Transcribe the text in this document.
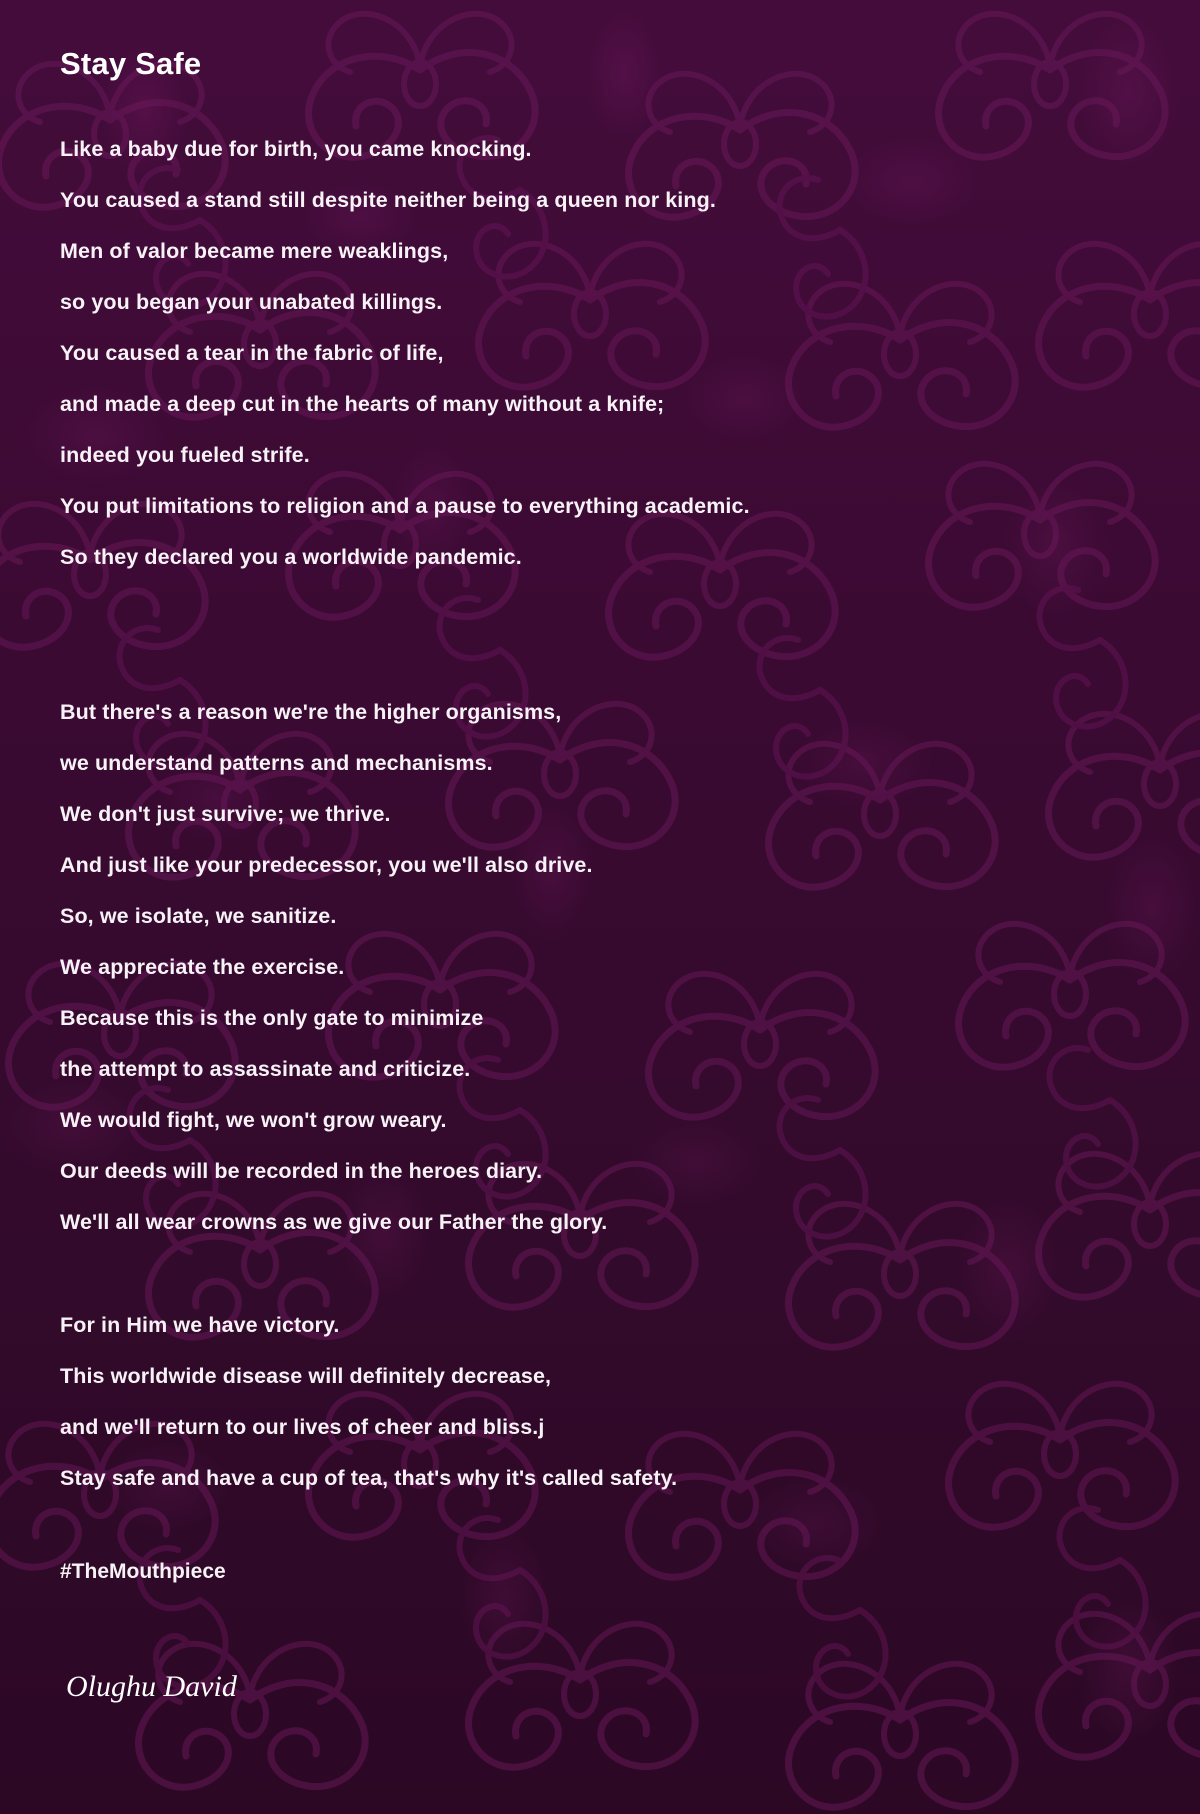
Stay Safe
Like a baby due for birth, you came knocking.
You caused a stand still despite neither being a queen nor king.
Men of valor became mere weaklings,
so you began your unabated killings.
You caused a tear in the fabric of life,
and made a deep cut in the hearts of many without a knife;
indeed you fueled strife.
You put limitations to religion and a pause to everything academic.
So they declared you a worldwide pandemic.
But there's a reason we're the higher organisms,
we understand patterns and mechanisms.
We don't just survive; we thrive.
And just like your predecessor, you we'll also drive.
So, we isolate, we sanitize.
We appreciate the exercise.
Because this is the only gate to minimize
the attempt to assassinate and criticize.
We would fight, we won't grow weary.
Our deeds will be recorded in the heroes diary.
We'll all wear crowns as we give our Father the glory.
For in Him we have victory.
This worldwide disease will definitely decrease,
and we'll return to our lives of cheer and bliss.j
Stay safe and have a cup of tea, that's why it's called safety.
#TheMouthpiece
Olughu David
